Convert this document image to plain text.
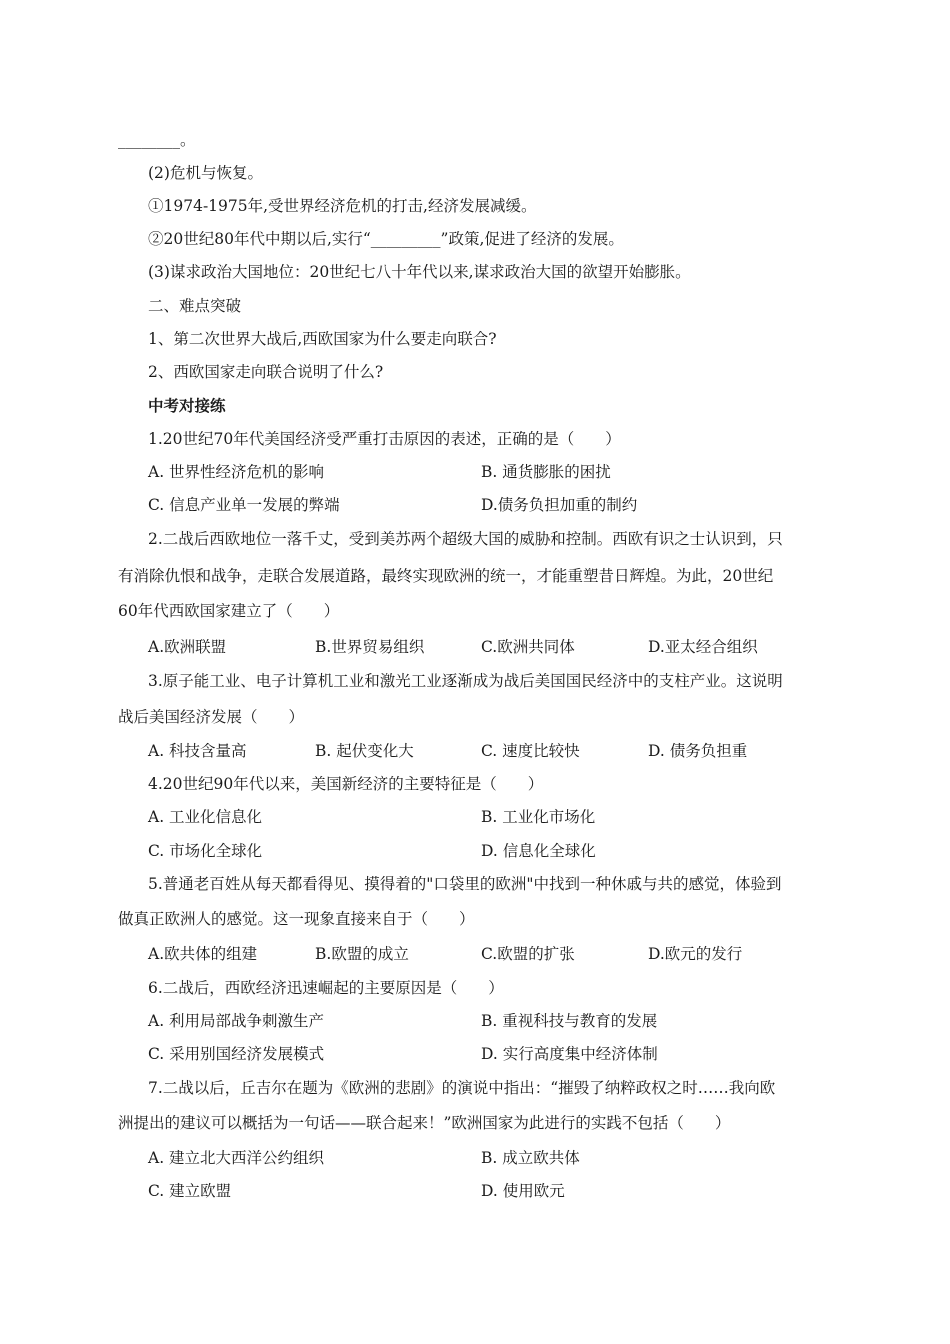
________。
(2)危机与恢复。
①1974-1975年,受世界经济危机的打击,经济发展减缓。
②20世纪80年代中期以后,实行“_________”政策,促进了经济的发展。
(3)谋求政治大国地位：20世纪七八十年代以来,谋求政治大国的欲望开始膨胀。
二、难点突破
1、第二次世界大战后,西欧国家为什么要走向联合?
2、西欧国家走向联合说明了什么?
中考对接练
1.20世纪70年代美国经济受严重打击原因的表述，正确的是（　　）
A. 世界性经济危机的影响	B. 通货膨胀的困扰
C. 信息产业单一发展的弊端	D.债务负担加重的制约
2.二战后西欧地位一落千丈，受到美苏两个超级大国的威胁和控制。西欧有识之士认识到，只
有消除仇恨和战争，走联合发展道路，最终实现欧洲的统一，才能重塑昔日辉煌。为此，20世纪
60年代西欧国家建立了（　　）
A.欧洲联盟	B.世界贸易组织	C.欧洲共同体	D.亚太经合组织
3.原子能工业、电子计算机工业和激光工业逐渐成为战后美国国民经济中的支柱产业。这说明
战后美国经济发展（　　）
A. 科技含量高	B. 起伏变化大	C. 速度比较快	D. 债务负担重
4.20世纪90年代以来，美国新经济的主要特征是（　　）
A. 工业化信息化	B. 工业化市场化
C. 市场化全球化	D. 信息化全球化
5.普通老百姓从每天都看得见、摸得着的"口袋里的欧洲"中找到一种休戚与共的感觉，体验到
做真正欧洲人的感觉。这一现象直接来自于（　　）
A.欧共体的组建	B.欧盟的成立	C.欧盟的扩张	D.欧元的发行
6.二战后，西欧经济迅速崛起的主要原因是（　　）
A. 利用局部战争刺激生产	B. 重视科技与教育的发展
C. 采用别国经济发展模式	D. 实行高度集中经济体制
7.二战以后，丘吉尔在题为《欧洲的悲剧》的演说中指出：“摧毁了纳粹政权之时……我向欧
洲提出的建议可以概括为一句话——联合起来！”欧洲国家为此进行的实践不包括（　　）
A. 建立北大西洋公约组织	B. 成立欧共体
C. 建立欧盟	D. 使用欧元
